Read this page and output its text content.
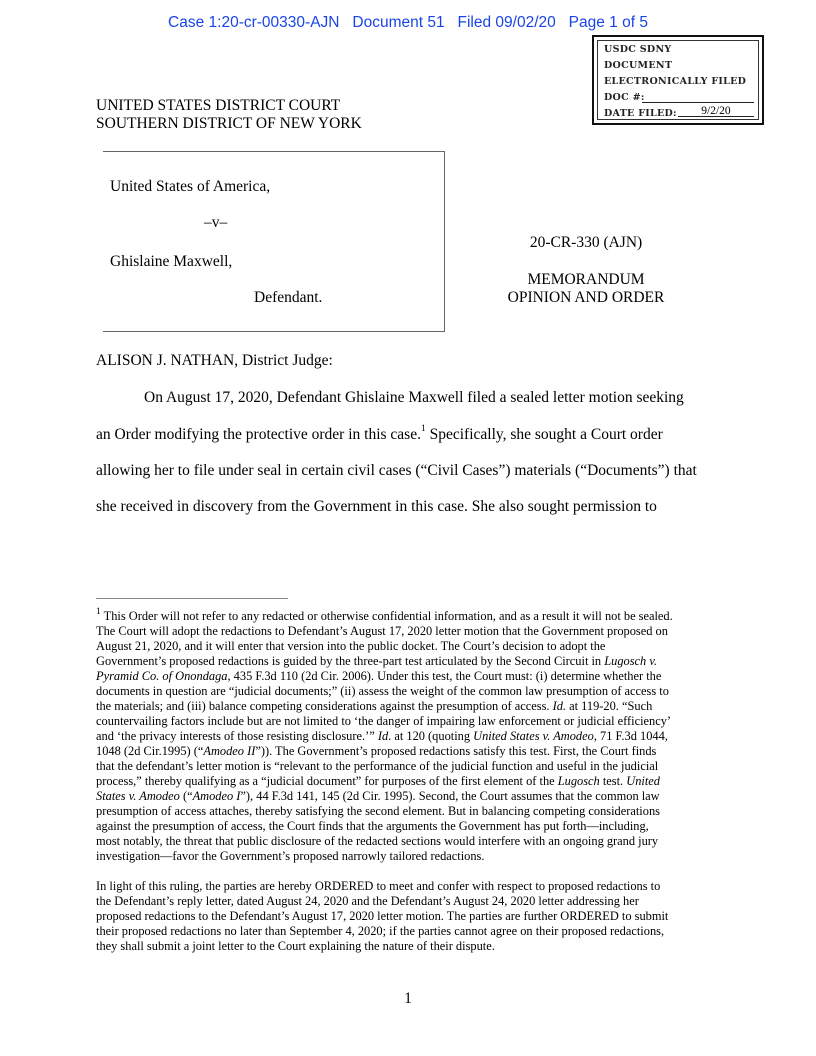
Case 1:20-cr-00330-AJN   Document 51   Filed 09/02/20   Page 1 of 5
USDC SDNY
DOCUMENT
ELECTRONICALLY FILED
DOC #:
DATE FILED:	9/2/20
UNITED STATES DISTRICT COURT
SOUTHERN DISTRICT OF NEW YORK
United States of America,
–v–
Ghislaine Maxwell,
Defendant.
20-CR-330 (AJN)
MEMORANDUM
OPINION AND ORDER
ALISON J. NATHAN, District Judge:
On August 17, 2020, Defendant Ghislaine Maxwell filed a sealed letter motion seeking
an Order modifying the protective order in this case.$^1$ Specifically, she sought a Court order
allowing her to file under seal in certain civil cases (“Civil Cases”) materials (“Documents”) that
she received in discovery from the Government in this case. She also sought permission to
$^1$ This Order will not refer to any redacted or otherwise confidential information, and as a result it will not be sealed.
The Court will adopt the redactions to Defendant’s August 17, 2020 letter motion that the Government proposed on
August 21, 2020, and it will enter that version into the public docket. The Court’s decision to adopt the
Government’s proposed redactions is guided by the three-part test articulated by the Second Circuit in Lugosch v.
Pyramid Co. of Onondaga, 435 F.3d 110 (2d Cir. 2006). Under this test, the Court must: (i) determine whether the
documents in question are “judicial documents;” (ii) assess the weight of the common law presumption of access to
the materials; and (iii) balance competing considerations against the presumption of access. Id. at 119-20. “Such
countervailing factors include but are not limited to ‘the danger of impairing law enforcement or judicial efficiency’
and ‘the privacy interests of those resisting disclosure.’” Id. at 120 (quoting United States v. Amodeo, 71 F.3d 1044,
1048 (2d Cir.1995) (“Amodeo II”)). The Government’s proposed redactions satisfy this test. First, the Court finds
that the defendant’s letter motion is “relevant to the performance of the judicial function and useful in the judicial
process,” thereby qualifying as a “judicial document” for purposes of the first element of the Lugosch test. United
States v. Amodeo (“Amodeo I”), 44 F.3d 141, 145 (2d Cir. 1995). Second, the Court assumes that the common law
presumption of access attaches, thereby satisfying the second element. But in balancing competing considerations
against the presumption of access, the Court finds that the arguments the Government has put forth—including,
most notably, the threat that public disclosure of the redacted sections would interfere with an ongoing grand jury
investigation—favor the Government’s proposed narrowly tailored redactions.
In light of this ruling, the parties are hereby ORDERED to meet and confer with respect to proposed redactions to
the Defendant’s reply letter, dated August 24, 2020 and the Defendant’s August 24, 2020 letter addressing her
proposed redactions to the Defendant’s August 17, 2020 letter motion. The parties are further ORDERED to submit
their proposed redactions no later than September 4, 2020; if the parties cannot agree on their proposed redactions,
they shall submit a joint letter to the Court explaining the nature of their dispute.
1
